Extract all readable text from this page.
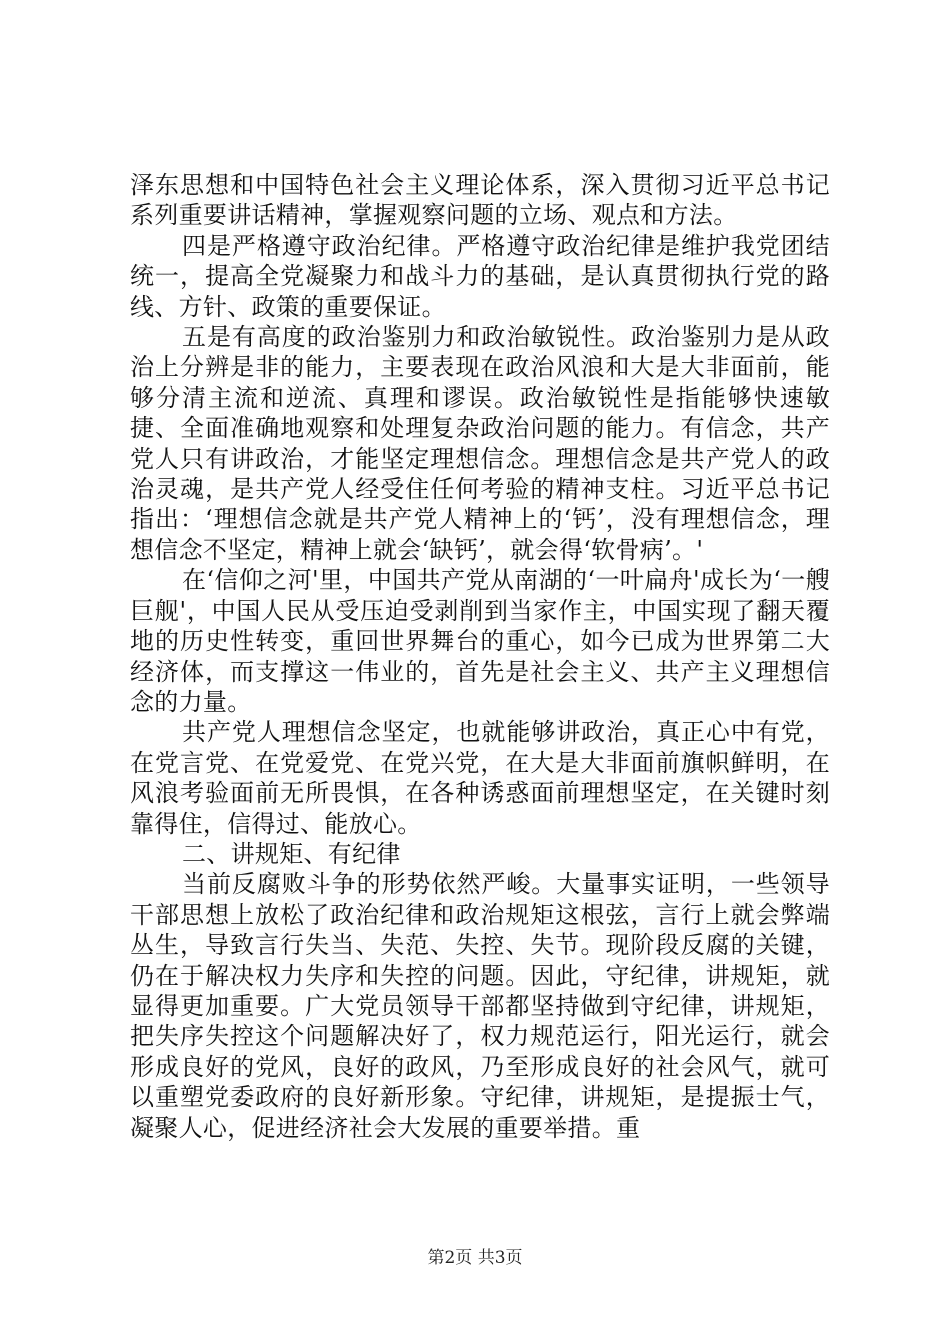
泽东思想和中国特色社会主义理论体系，深入贯彻习近平总书记系列重要讲话精神，掌握观察问题的立场、观点和方法。

四是严格遵守政治纪律。严格遵守政治纪律是维护我党团结统一，提高全党凝聚力和战斗力的基础，是认真贯彻执行党的路线、方针、政策的重要保证。

五是有高度的政治鉴别力和政治敏锐性。政治鉴别力是从政治上分辨是非的能力，主要表现在政治风浪和大是大非面前，能够分清主流和逆流、真理和谬误。政治敏锐性是指能够快速敏捷、全面准确地观察和处理复杂政治问题的能力。有信念，共产党人只有讲政治，才能坚定理想信念。理想信念是共产党人的政治灵魂，是共产党人经受住任何考验的精神支柱。习近平总书记指出：‘理想信念就是共产党人精神上的‘钙’，没有理想信念，理想信念不坚定，精神上就会‘缺钙’，就会得‘软骨病’。'

在‘信仰之河'里，中国共产党从南湖的‘一叶扁舟'成长为‘一艘巨舰'，中国人民从受压迫受剥削到当家作主，中国实现了翻天覆地的历史性转变，重回世界舞台的重心，如今已成为世界第二大经济体，而支撑这一伟业的，首先是社会主义、共产主义理想信念的力量。

共产党人理想信念坚定，也就能够讲政治，真正心中有党，在党言党、在党爱党、在党兴党，在大是大非面前旗帜鲜明，在风浪考验面前无所畏惧，在各种诱惑面前理想坚定，在关键时刻靠得住，信得过、能放心。

二、讲规矩、有纪律

当前反腐败斗争的形势依然严峻。大量事实证明，一些领导干部思想上放松了政治纪律和政治规矩这根弦，言行上就会弊端丛生，导致言行失当、失范、失控、失节。现阶段反腐的关键，仍在于解决权力失序和失控的问题。因此，守纪律，讲规矩，就显得更加重要。广大党员领导干部都坚持做到守纪律，讲规矩，把失序失控这个问题解决好了，权力规范运行，阳光运行，就会形成良好的党风，良好的政风，乃至形成良好的社会风气，就可以重塑党委政府的良好新形象。守纪律，讲规矩，是提振士气，凝聚人心，促进经济社会大发展的重要举措。重

第2页 共3页
